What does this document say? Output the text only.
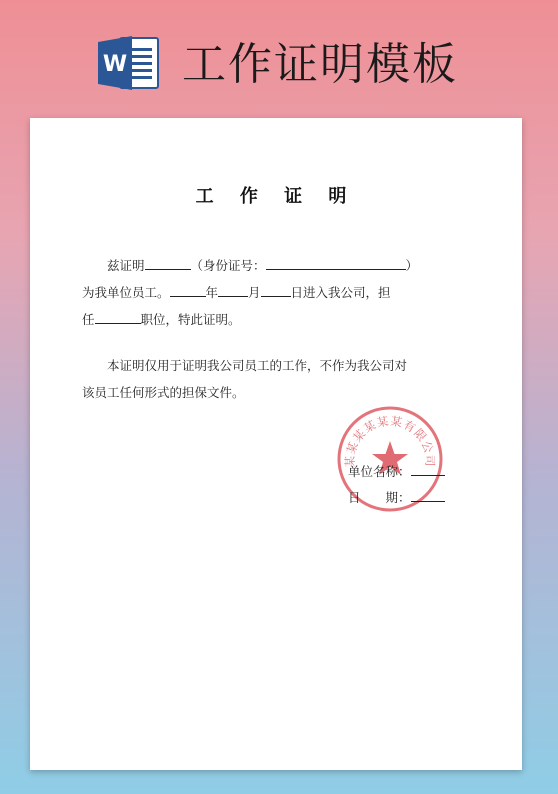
W 工作证明模板
工 作 证 明
兹证明	（身份证号：	）
为我单位员工。	年 月 日进入我公司，担
任	职位，特此证明。
本证明仅用于证明我公司员工的工作，不作为我公司对
该员工任何形式的担保文件。
某某某某某某有限公司
单位名称：
日　　期：
